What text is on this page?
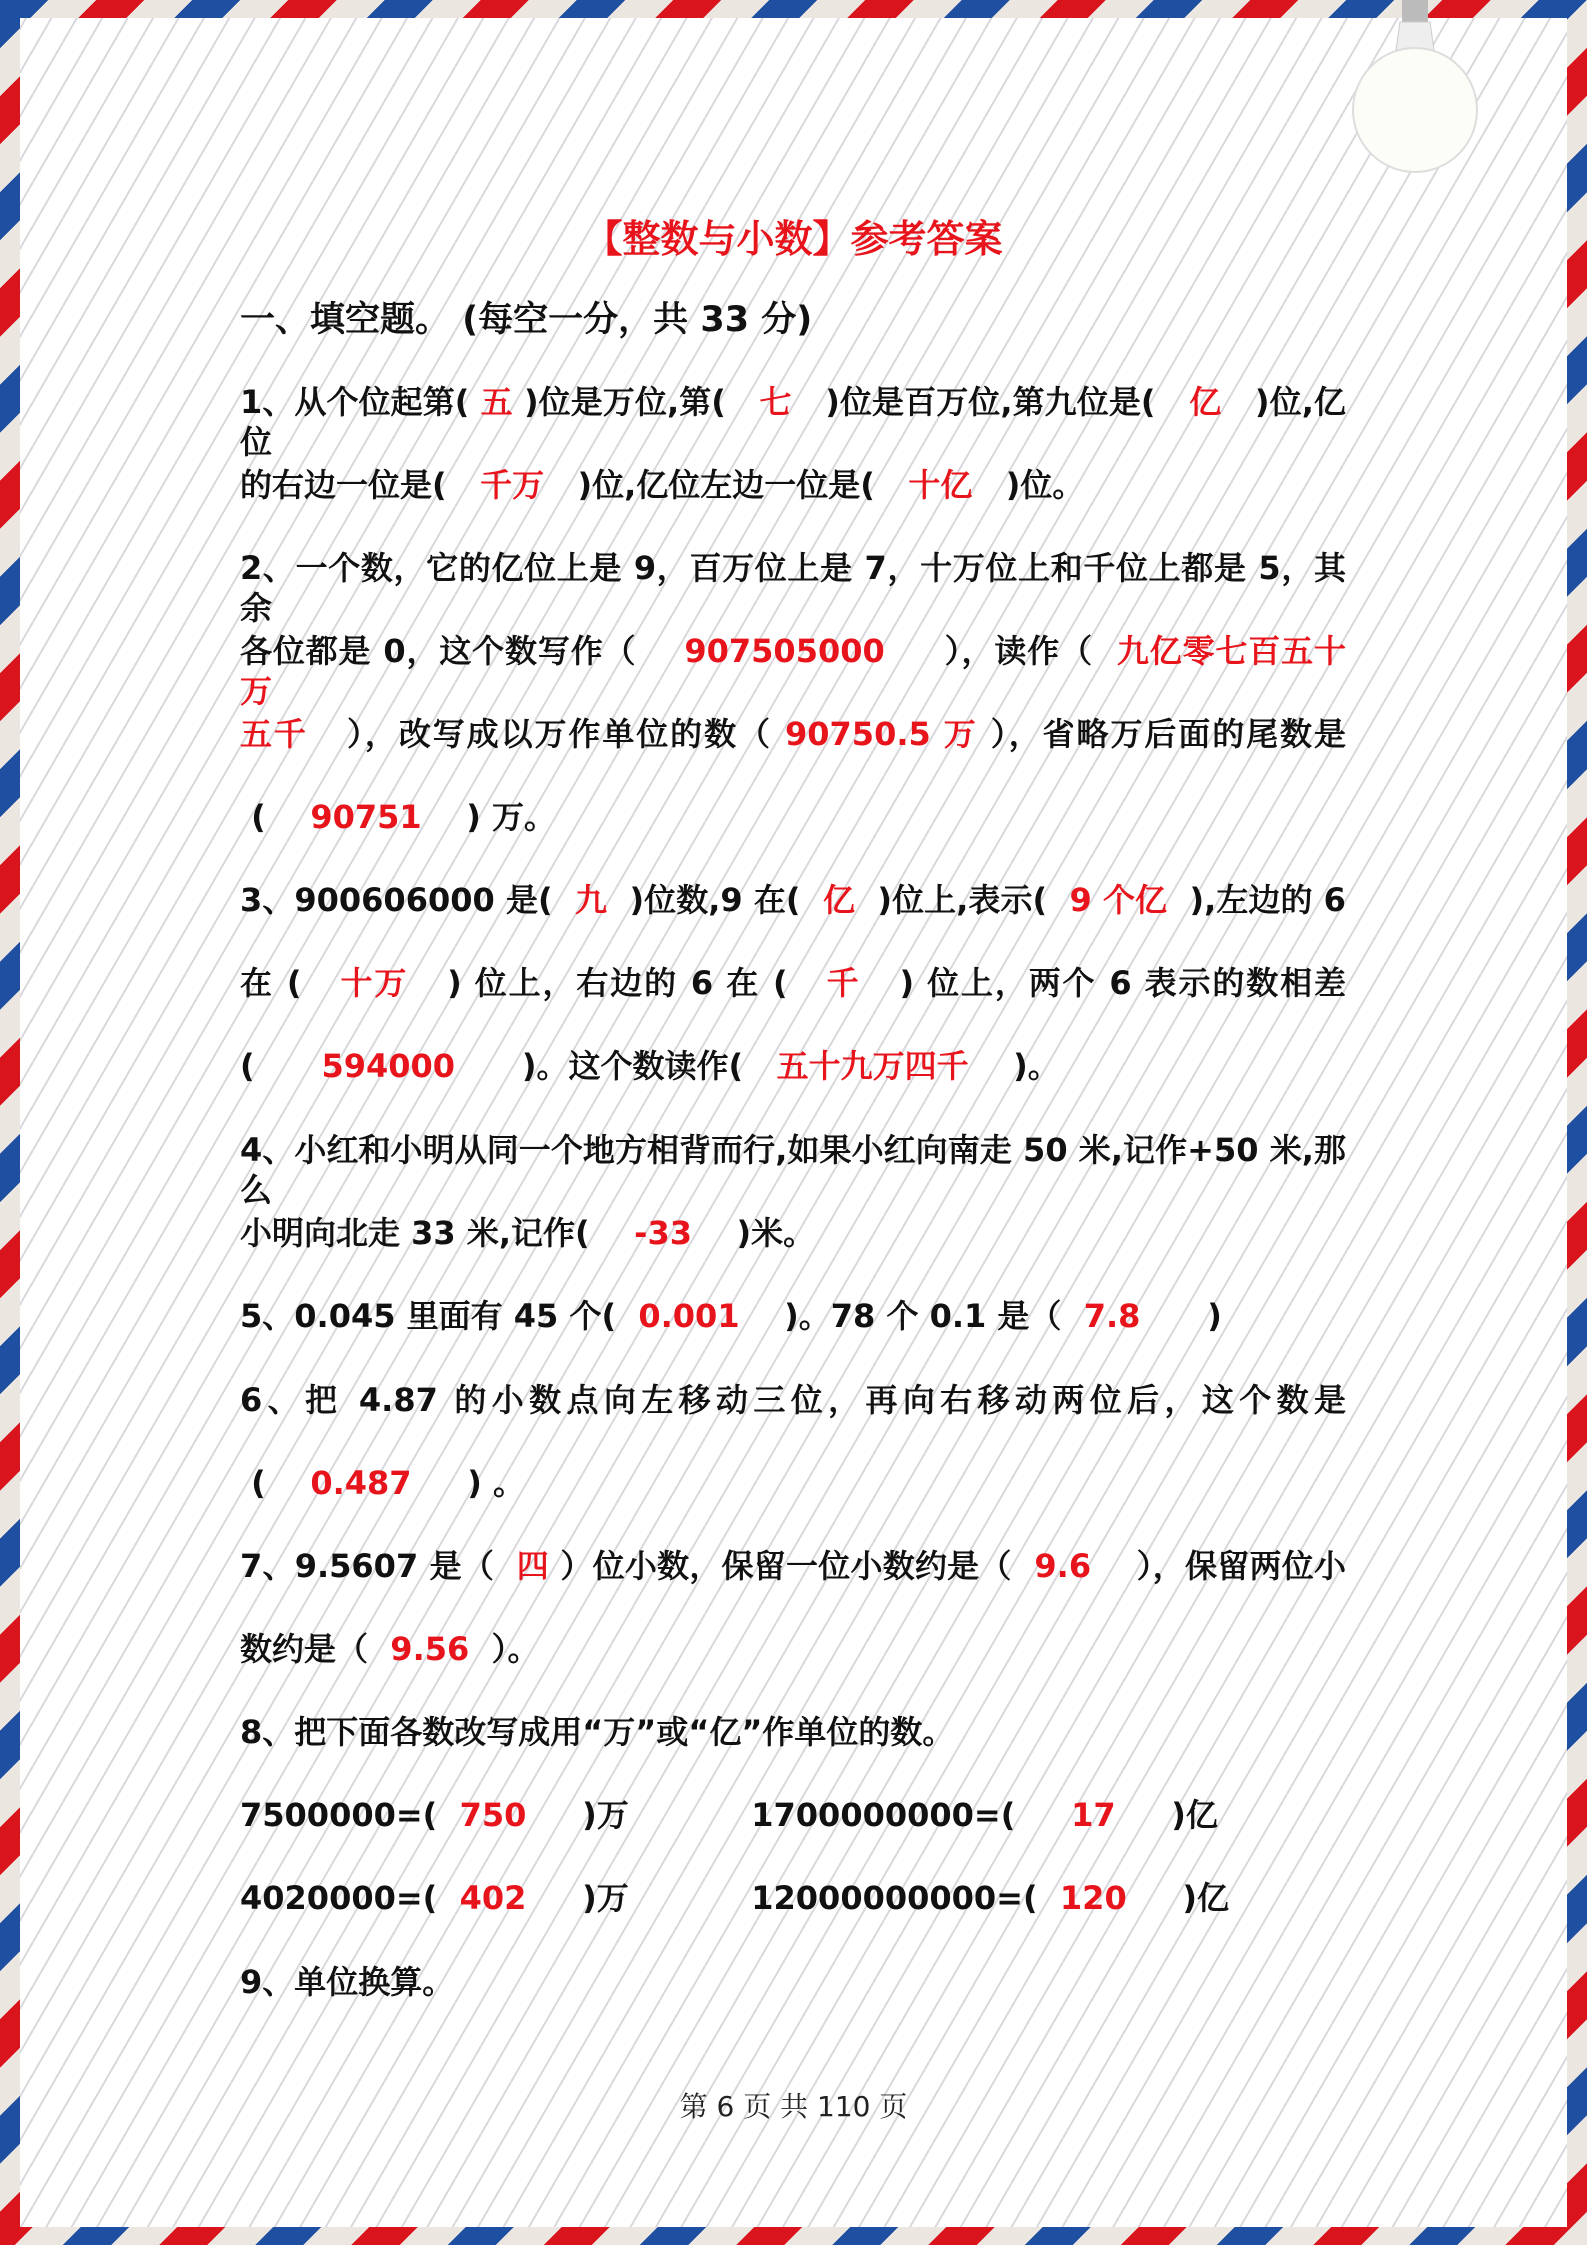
【整数与小数】参考答案
一、填空题。 (每空一分，共 33 分)
1、从个位起第( 五 )位是万位,第(   七   )位是百万位,第九位是(   亿   )位,亿位
的右边一位是(   千万   )位,亿位左边一位是(   十亿   )位。
2、一个数，它的亿位上是 9，百万位上是 7，十万位上和千位上都是 5，其余
各位都是 0，这个数写作（    907505000     ），读作（  九亿零七百五十万
五千   ），改写成以万作单位的数（ 90750.5 万 ），省略万后面的尾数是
(    90751    ) 万。
3、900606000 是(  九  )位数,9 在(  亿  )位上,表示(  9 个亿  ),左边的 6
在 (   十万   ) 位上，右边的 6 在 (   千   ) 位上，两个 6 表示的数相差
(      594000      )。这个数读作(   五十九万四千    )。
4、小红和小明从同一个地方相背而行,如果小红向南走 50 米,记作+50 米,那么
小明向北走 33 米,记作(    -33    )米。
5、0.045 里面有 45 个(  0.001    )。78 个 0.1 是（  7.8      )
6、把 4.87 的小数点向左移动三位，再向右移动两位后，这个数是
(    0.487     ) 。
7、9.5607 是（  四 ）位小数，保留一位小数约是（  9.6    ），保留两位小
数约是（  9.56  ）。
8、把下面各数改写成用“万”或“亿”作单位的数。
7500000=(  750     )万           1700000000=(     17     )亿
4020000=(  402     )万           12000000000=(  120     )亿
9、单位换算。
第 6 页 共 110 页
